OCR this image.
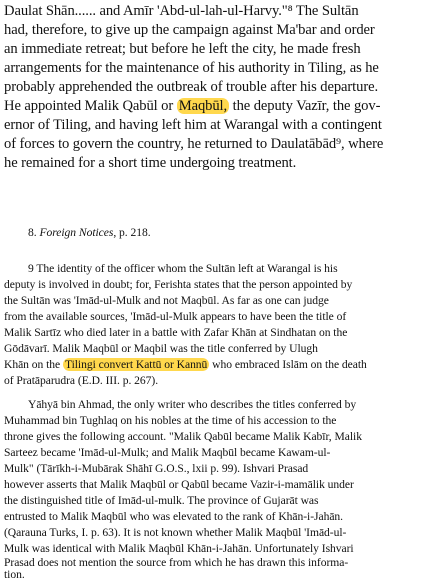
Daulat Shān...... and Amīr 'Abd-ul-lah-ul-Harvy."⁸ The Sultān
had, therefore, to give up the campaign against Ma'bar and order
an immediate retreat; but before he left the city, he made fresh
arrangements for the maintenance of his authority in Tiling, as he
probably apprehended the outbreak of trouble after his departure.
He appointed Malik Qabūl or Maqbūl, the deputy Vazīr, the gov-
ernor of Tiling, and having left him at Warangal with a contingent
of forces to govern the country, he returned to Daulatābād⁹, where
he remained for a short time undergoing treatment.
8. Foreign Notices, p. 218.
9 The identity of the officer whom the Sultān left at Warangal is his
deputy is involved in doubt; for, Ferishta states that the person appointed by
the Sultān was 'Imād-ul-Mulk and not Maqbūl. As far as one can judge
from the available sources, 'Imād-ul-Mulk appears to have been the title of
Malik Sartīz who died later in a battle with Zafar Khān at Sindhatan on the
Gōdāvarī. Malik Maqbūl or Maqbil was the title conferred by Ulugh
Khān on the Tilingi convert Kattū or Kannū who embraced Islām on the death
of Pratāparudra (E.D. III. p. 267).
Yāhyā bin Ahmad, the only writer who describes the titles conferred by
Muhammad bin Tughlaq on his nobles at the time of his accession to the
throne gives the following account. "Malik Qabūl became Malik Kabīr, Malik
Sarteez became 'Imād-ul-Mulk; and Malik Maqbūl became Kawam-ul-
Mulk" (Tārīkh-i-Mubārak Shāhī G.O.S., lxii p. 99). Ishvari Prasad
however asserts that Malik Maqbūl or Qabūl became Vazir-i-mamālik under
the distinguished title of Imād-ul-mulk. The province of Gujarāt was
entrusted to Malik Maqbūl who was elevated to the rank of Khān-i-Jahān.
(Qarauna Turks, I. p. 63). It is not known whether Malik Maqbūl 'Imād-ul-
Mulk was identical with Malik Maqbūl Khān-i-Jahān. Unfortunately Ishvari
Prasad does not mention the source from which he has drawn this informa-
tion.
